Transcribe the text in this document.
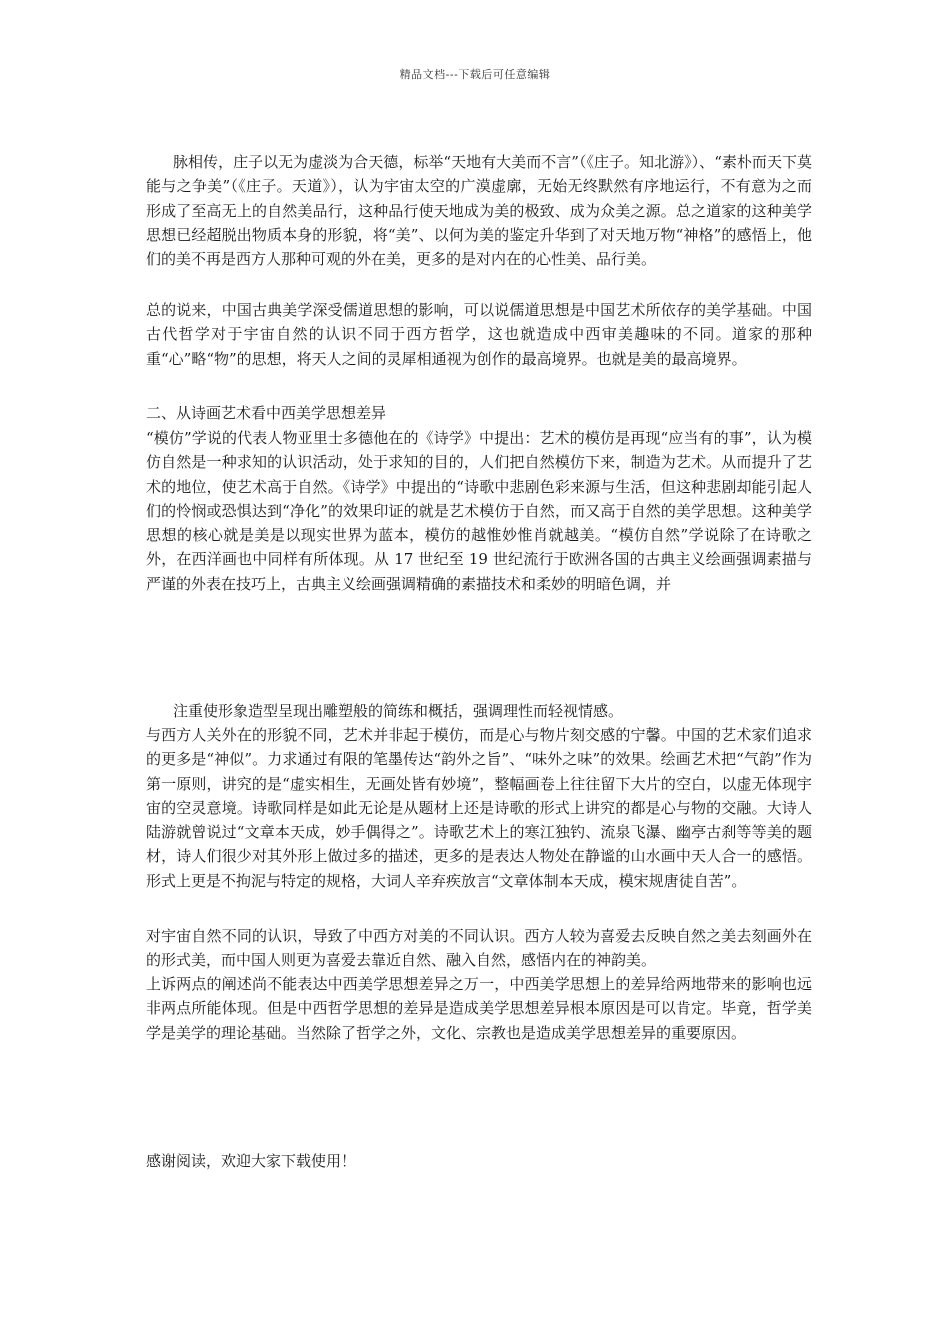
精品文档---下载后可任意编辑

脉相传，庄子以无为虚淡为合天德，标举“天地有大美而不言”（《庄子。知北游》）、“素朴而天下莫能与之争美”（《庄子。天道》），认为宇宙太空的广漠虚廓，无始无终默然有序地运行，不有意为之而形成了至高无上的自然美品行，这种品行使天地成为美的极致、成为众美之源。总之道家的这种美学思想已经超脱出物质本身的形貌，将“美”、以何为美的鉴定升华到了对天地万物“神格”的感悟上，他们的美不再是西方人那种可观的外在美，更多的是对内在的心性美、品行美。

总的说来，中国古典美学深受儒道思想的影响，可以说儒道思想是中国艺术所依存的美学基础。中国古代哲学对于宇宙自然的认识不同于西方哲学，这也就造成中西审美趣味的不同。道家的那种重“心”略“物”的思想，将天人之间的灵犀相通视为创作的最高境界。也就是美的最高境界。

二、从诗画艺术看中西美学思想差异

“模仿”学说的代表人物亚里士多德他在的《诗学》中提出：艺术的模仿是再现“应当有的事”，认为模仿自然是一种求知的认识活动，处于求知的目的，人们把自然模仿下来，制造为艺术。从而提升了艺术的地位，使艺术高于自然。《诗学》中提出的“诗歌中悲剧色彩来源与生活，但这种悲剧却能引起人们的怜悯或恐惧达到“净化”的效果印证的就是艺术模仿于自然，而又高于自然的美学思想。这种美学思想的核心就是美是以现实世界为蓝本，模仿的越惟妙惟肖就越美。“模仿自然”学说除了在诗歌之外，在西洋画也中同样有所体现。从 17 世纪至 19 世纪流行于欧洲各国的古典主义绘画强调素描与严谨的外表在技巧上，古典主义绘画强调精确的素描技术和柔妙的明暗色调，并

注重使形象造型呈现出雕塑般的简练和概括，强调理性而轻视情感。

与西方人关外在的形貌不同，艺术并非起于模仿，而是心与物片刻交感的宁馨。中国的艺术家们追求的更多是“神似”。力求通过有限的笔墨传达“韵外之旨”、“味外之味”的效果。绘画艺术把“气韵”作为第一原则，讲究的是“虚实相生，无画处皆有妙境”，整幅画卷上往往留下大片的空白，以虚无体现宇宙的空灵意境。诗歌同样是如此无论是从题材上还是诗歌的形式上讲究的都是心与物的交融。大诗人陆游就曾说过“文章本天成，妙手偶得之”。诗歌艺术上的寒江独钓、流泉飞瀑、幽亭古刹等等美的题材，诗人们很少对其外形上做过多的描述，更多的是表达人物处在静谧的山水画中天人合一的感悟。形式上更是不拘泥与特定的规格，大词人辛弃疾放言“文章体制本天成，模宋规唐徒自苦”。

对宇宙自然不同的认识，导致了中西方对美的不同认识。西方人较为喜爱去反映自然之美去刻画外在的形式美，而中国人则更为喜爱去靠近自然、融入自然，感悟内在的神韵美。

上诉两点的阐述尚不能表达中西美学思想差异之万一，中西美学思想上的差异给两地带来的影响也远非两点所能体现。但是中西哲学思想的差异是造成美学思想差异根本原因是可以肯定。毕竟，哲学美学是美学的理论基础。当然除了哲学之外，文化、宗教也是造成美学思想差异的重要原因。

感谢阅读，欢迎大家下载使用！
